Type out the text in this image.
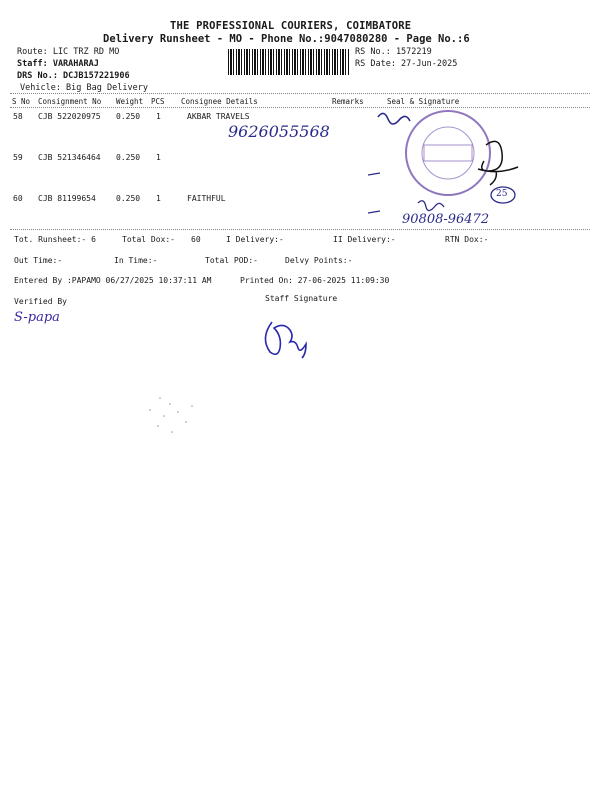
THE PROFESSIONAL COURIERS, COIMBATORE
Delivery Runsheet - MO - Phone No.:9047080280 - Page No.:6
Route: LIC TRZ RD MO
Staff: VARAHARAJ
DRS No.: DCJB157221906
Vehicle: Big Bag Delivery
RS No.: 1572219
RS Date: 27-Jun-2025
S No Consignment No Weight PCS Consignee Details	Remarks	Seal & Signature
58 CJB 522020975 0.250 1	AKBAR TRAVELS
59 CJB 521346464 0.250 1
60 CJB 81199654	0.250 1	FAITHFUL
9626055568
90808-96472
25
Tot. Runsheet:- 6	Total Dox:- 60	I Delivery:-	II Delivery:-	RTN Dox:-
Out Time:-	In Time:-	Total POD:-	Delvy Points:-
Entered By :PAPAMO 06/27/2025 10:37:11 AM	Printed On: 27-06-2025 11:09:30
Verified By	Staff Signature
S-papa
